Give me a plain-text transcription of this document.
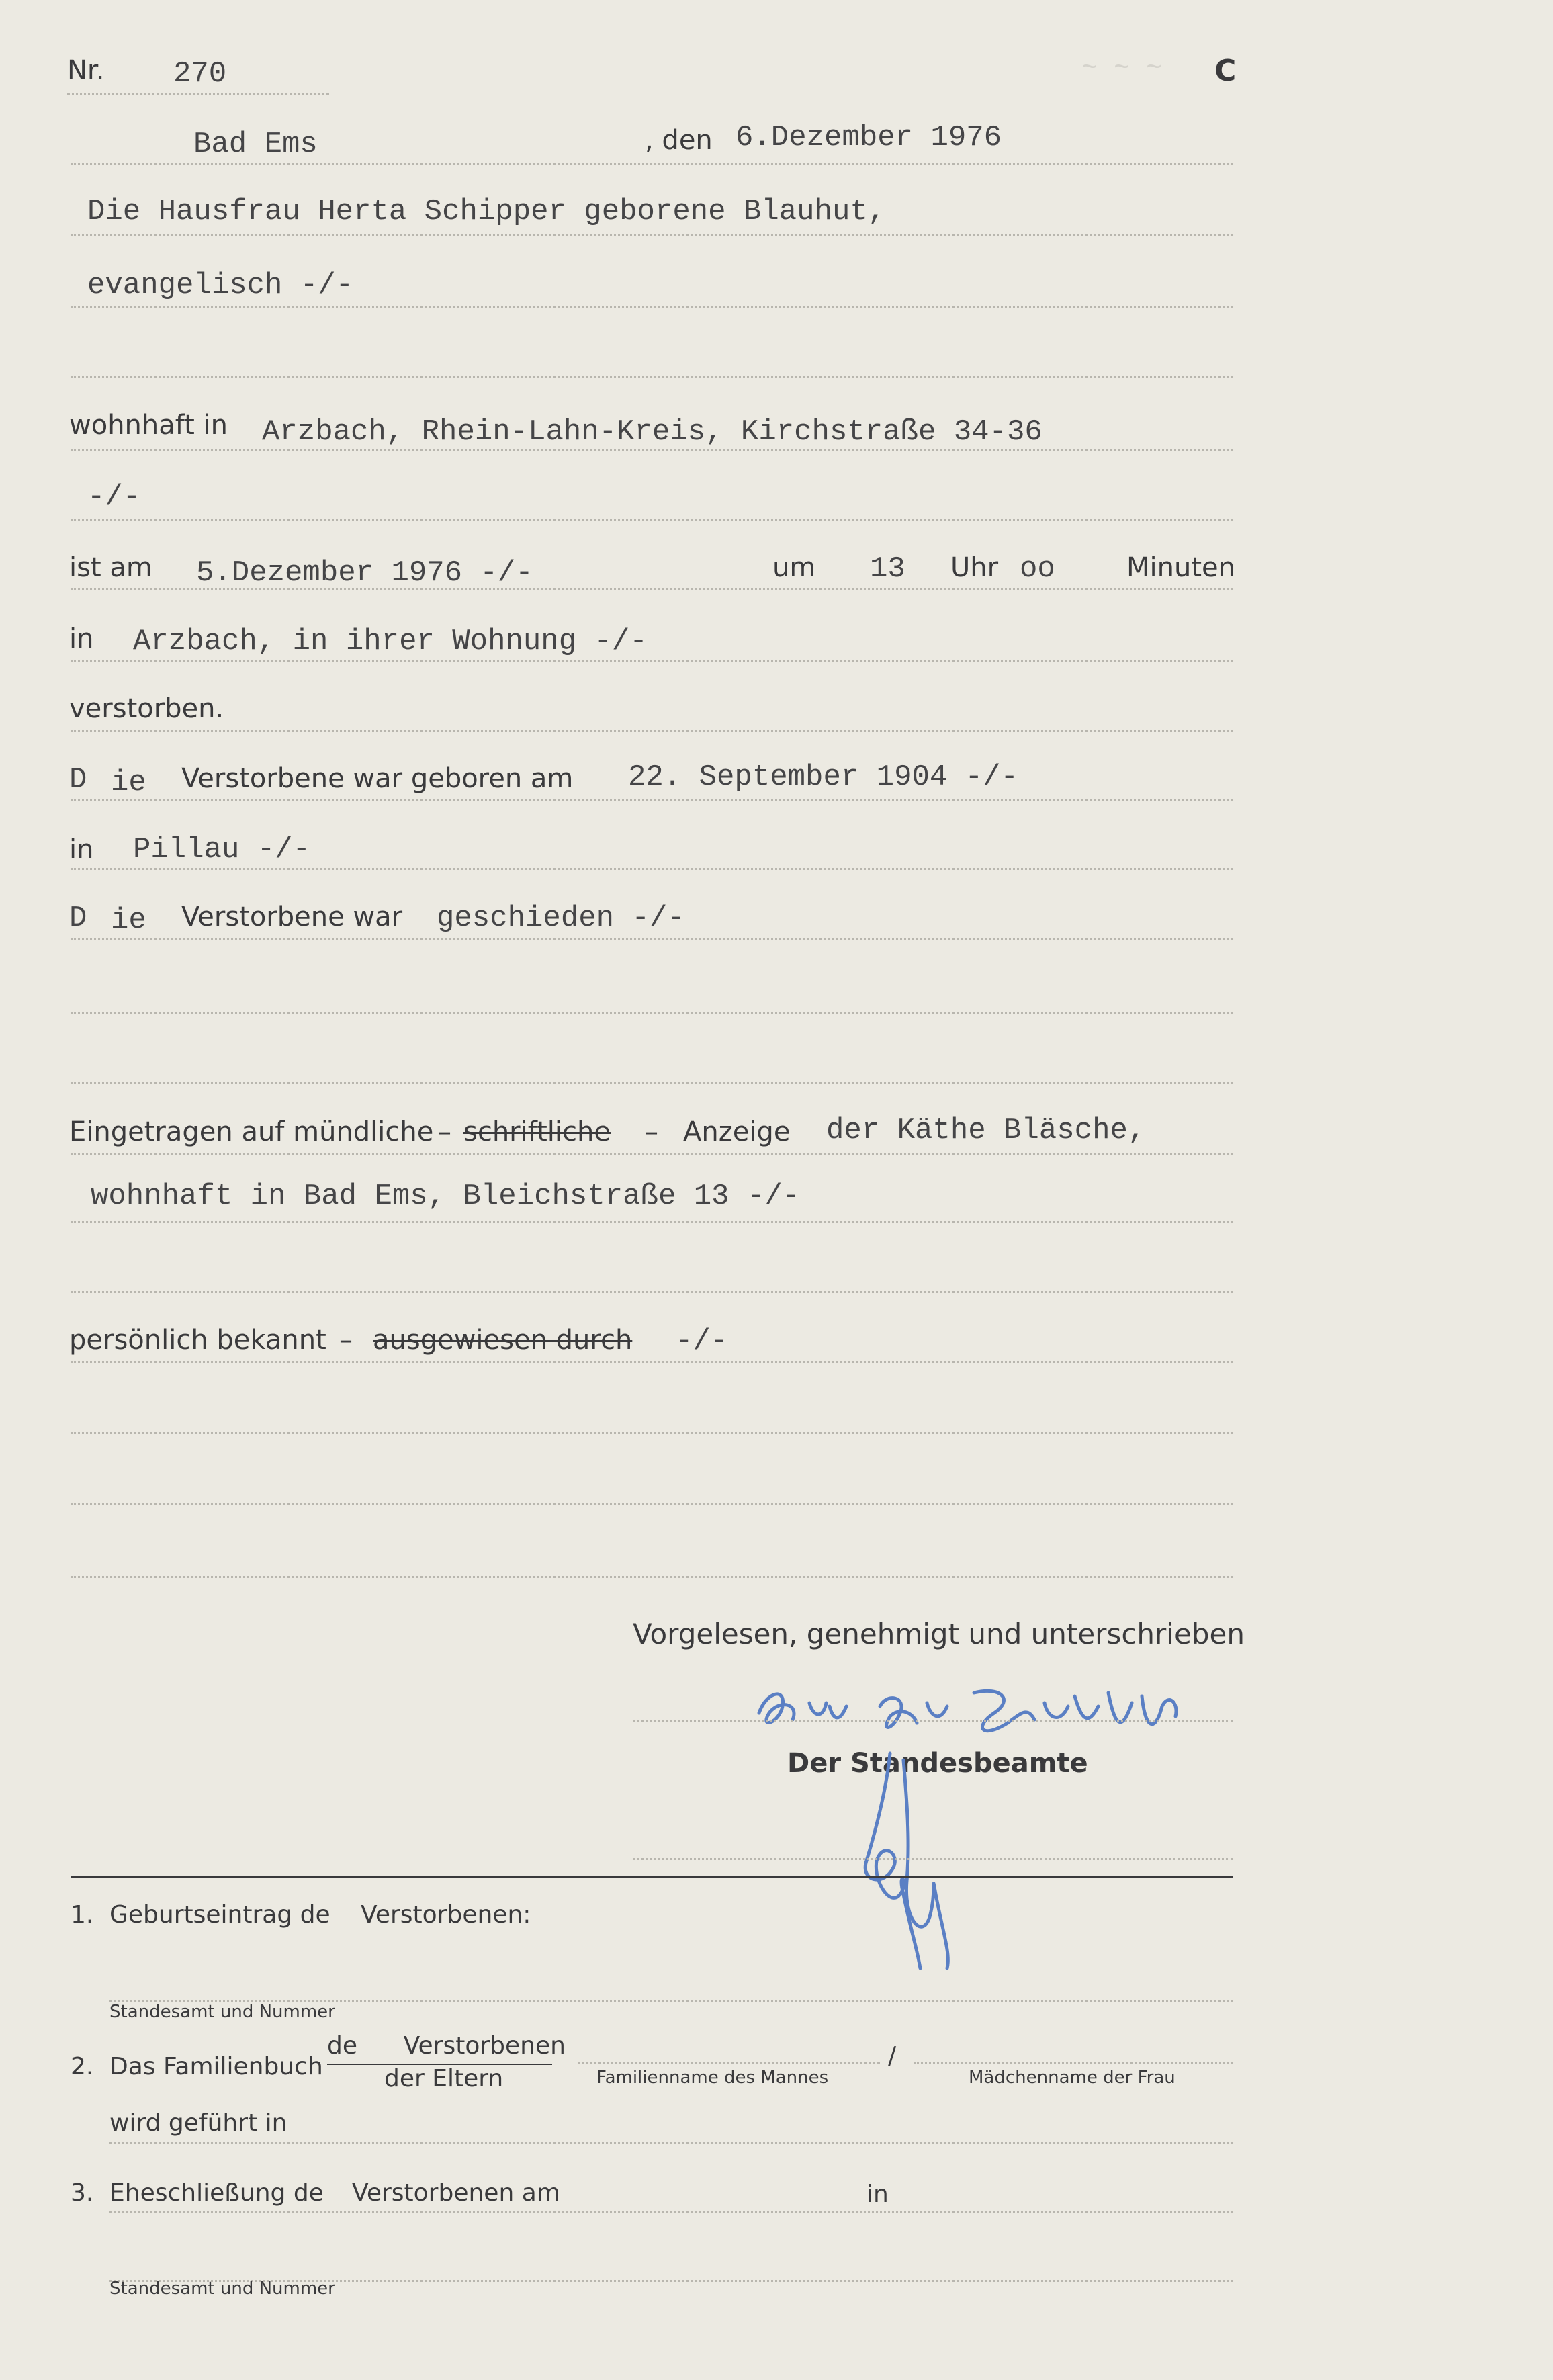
~ ~ ~
Nr. 270	C
Bad Ems	, den 6.Dezember 1976
Die Hausfrau Herta Schipper geborene Blauhut,
evangelisch -/-
wohnhaft in Arzbach, Rhein-Lahn-Kreis, Kirchstraße 34-36
-/-
ist am 5.Dezember 1976 -/-	um 13 Uhr oo	Minuten
in Arzbach, in ihrer Wohnung -/-
verstorben.
D ie Verstorbene war geboren am 22. September 1904 -/-
in Pillau -/-
D ie Verstorbene war geschieden -/-
Eingetragen auf mündliche – schriftliche – Anzeige der Käthe Bläsche,
wohnhaft in Bad Ems, Bleichstraße 13 -/-
persönlich bekannt – ausgewiesen durch -/-
Vorgelesen, genehmigt und unterschrieben
Der Standesbeamte
1. Geburtseintrag de Verstorbenen:
Standesamt und Nummer
2. Das Familienbuch
de      Verstorbenen
der Eltern	Familienname des Mannes
/
Mädchenname der Frau
wird geführt in
3. Eheschließung de Verstorbenen am	in
Standesamt und Nummer
